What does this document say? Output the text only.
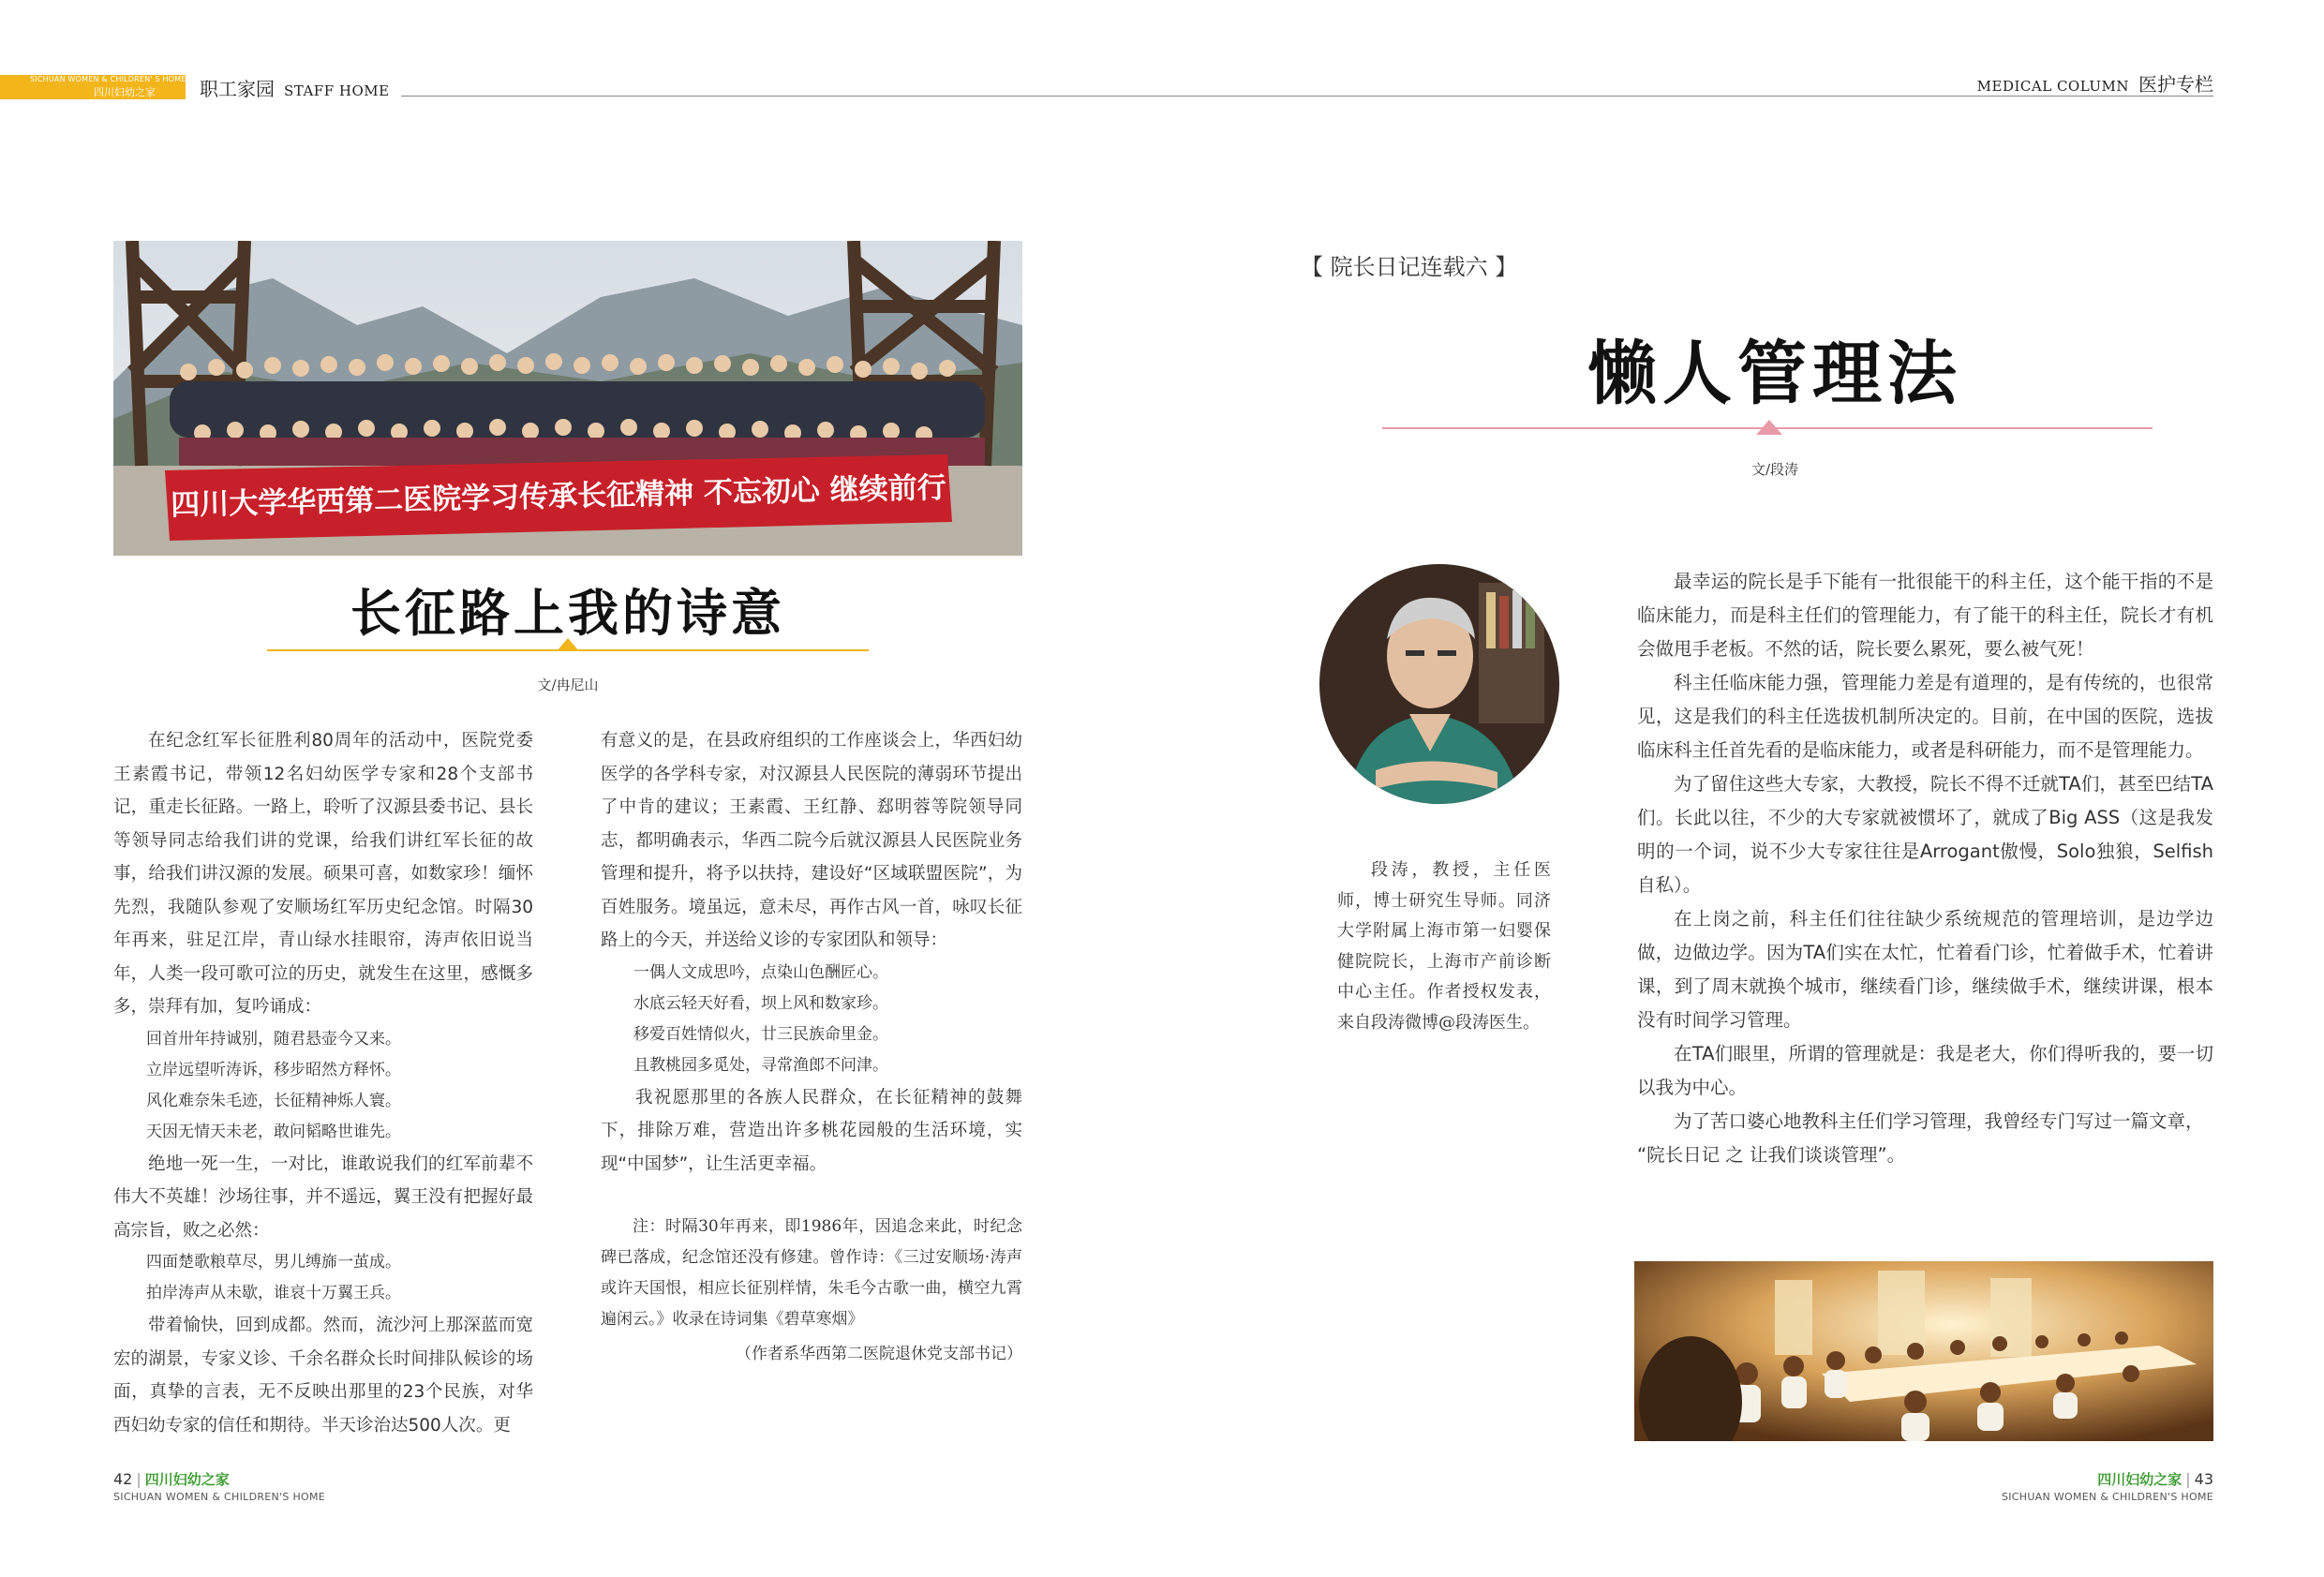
SICHUAN WOMEN & CHILDREN' S HOME
四川妇幼之家 职工家园 STAFF HOME	MEDICAL COLUMN 医护专栏
四川大学华西第二医院学习传承长征精神 不忘初心 继续前行
长征路上我的诗意
文/冉尼山

在纪念红军长征胜利80周年的活动中，医院党委王素霞书记，带领12名妇幼医学专家和28个支部书记，重走长征路。一路上，聆听了汉源县委书记、县长等领导同志给我们讲的党课，给我们讲红军长征的故事，给我们讲汉源的发展。硕果可喜，如数家珍！缅怀先烈，我随队参观了安顺场红军历史纪念馆。时隔30年再来，驻足江岸，青山绿水挂眼帘，涛声依旧说当年，人类一段可歌可泣的历史，就发生在这里，感慨多多，崇拜有加，复吟诵成：

回首卅年持诚别，随君悬壶今又来。

立岸远望听涛诉，移步昭然方释怀。

风化难奈朱毛迹，长征精神烁人寰。

天因无情天未老，敢问韬略世谁先。

绝地一死一生，一对比，谁敢说我们的红军前辈不伟大不英雄！沙场往事，并不遥远，翼王没有把握好最高宗旨，败之必然：

四面楚歌粮草尽，男儿缚旆一茧成。

拍岸涛声从未歇，谁哀十万翼王兵。

带着愉快，回到成都。然而，流沙河上那深蓝而宽宏的湖景，专家义诊、千余名群众长时间排队候诊的场面，真挚的言表，无不反映出那里的23个民族，对华西妇幼专家的信任和期待。半天诊治达500人次。更

有意义的是，在县政府组织的工作座谈会上，华西妇幼医学的各学科专家，对汉源县人民医院的薄弱环节提出了中肯的建议；王素霞、王红静、郄明蓉等院领导同志，都明确表示，华西二院今后就汉源县人民医院业务管理和提升，将予以扶持，建设好“区域联盟医院”，为百姓服务。境虽远，意未尽，再作古风一首，咏叹长征路上的今天，并送给义诊的专家团队和领导：

一偶人文成思吟，点染山色酬匠心。

水底云轻天好看，坝上风和数家珍。

移爱百姓情似火，廿三民族命里金。

且教桃园多觅处，寻常渔郎不问津。

我祝愿那里的各族人民群众，在长征精神的鼓舞下，排除万难，营造出许多桃花园般的生活环境，实现“中国梦”，让生活更幸福。

注：时隔30年再来，即1986年，因追念来此，时纪念碑已落成，纪念馆还没有修建。曾作诗：《三过安顺场·涛声或许天国恨，相应长征别样情，朱毛今古歌一曲，横空九霄遍闲云。》收录在诗词集《碧草寒烟》

（作者系华西第二医院退休党支部书记）

【 院长日记连载六 】
懒人管理法
文/段涛

段涛，教授，主任医师，博士研究生导师。同济大学附属上海市第一妇婴保健院院长，上海市产前诊断中心主任。作者授权发表，来自段涛微博@段涛医生。

最幸运的院长是手下能有一批很能干的科主任，这个能干指的不是临床能力，而是科主任们的管理能力，有了能干的科主任，院长才有机会做甩手老板。不然的话，院长要么累死，要么被气死！

科主任临床能力强，管理能力差是有道理的，是有传统的，也很常见，这是我们的科主任选拔机制所决定的。目前，在中国的医院，选拔临床科主任首先看的是临床能力，或者是科研能力，而不是管理能力。

为了留住这些大专家，大教授，院长不得不迁就TA们，甚至巴结TA们。长此以往，不少的大专家就被惯坏了，就成了Big ASS（这是我发明的一个词，说不少大专家往往是Arrogant傲慢，Solo独狼，Selfish自私）。

在上岗之前，科主任们往往缺少系统规范的管理培训，是边学边做，边做边学。因为TA们实在太忙，忙着看门诊，忙着做手术，忙着讲课，到了周末就换个城市，继续看门诊，继续做手术，继续讲课，根本没有时间学习管理。

在TA们眼里，所谓的管理就是：我是老大，你们得听我的，要一切以我为中心。

为了苦口婆心地教科主任们学习管理，我曾经专门写过一篇文章，

“院长日记 之 让我们谈谈管理”。

42 | 四川妇幼之家
SICHUAN WOMEN & CHILDREN'S HOME
四川妇幼之家 | 43
SICHUAN WOMEN & CHILDREN'S HOME
